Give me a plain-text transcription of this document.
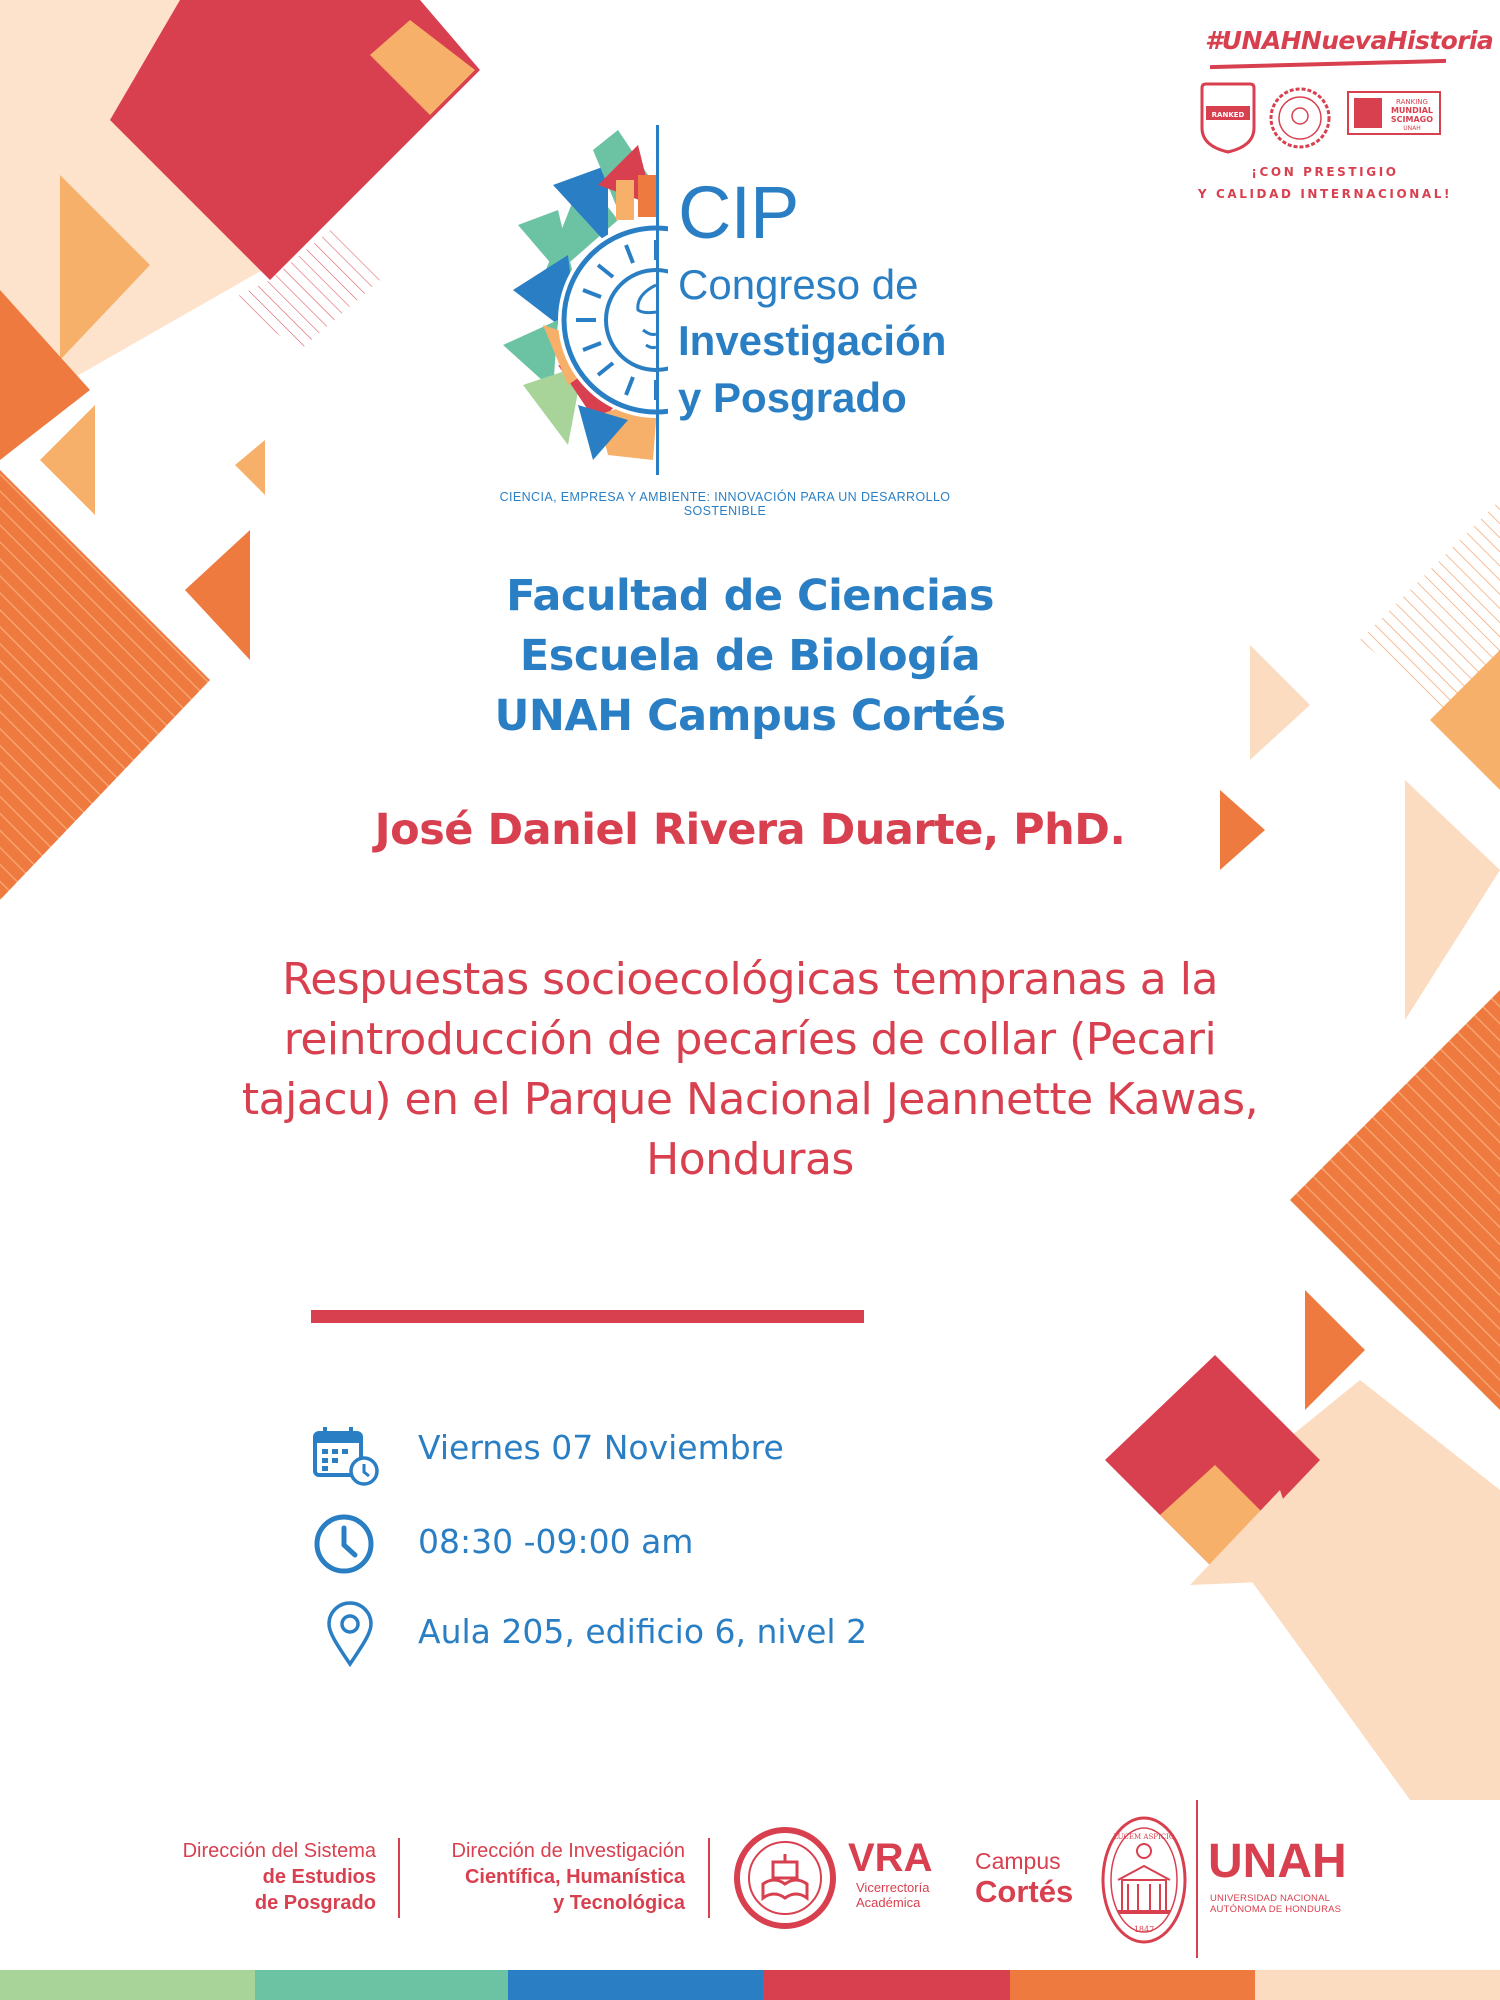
#UNAHNuevaHistoria
RANKED
RANKING
MUNDIAL
SCIMAGO
UNAH
¡CON PRESTIGIO
Y CALIDAD INTERNACIONAL!
CIP
Congreso de
Investigación
y Posgrado
CIENCIA, EMPRESA Y AMBIENTE: INNOVACIÓN PARA UN DESARROLLO SOSTENIBLE
Facultad de Ciencias
Escuela de Biología
UNAH Campus Cortés
José Daniel Rivera Duarte, PhD.
Respuestas socioecológicas tempranas a la
reintroducción de pecaríes de collar (Pecari
tajacu) en el Parque Nacional Jeannette Kawas,
Honduras
Viernes 07 Noviembre
08:30 -09:00 am
Aula 205, edificio 6, nivel 2
Dirección del Sistema
de Estudios
de Posgrado
Dirección de Investigación
Científica, Humanística
y Tecnológica
VRA
Vicerrectoría
Académica
Campus
Cortés
LUCEM ASPICIO
1847
UNAH
UNIVERSIDAD NACIONAL
AUTÓNOMA DE HONDURAS
